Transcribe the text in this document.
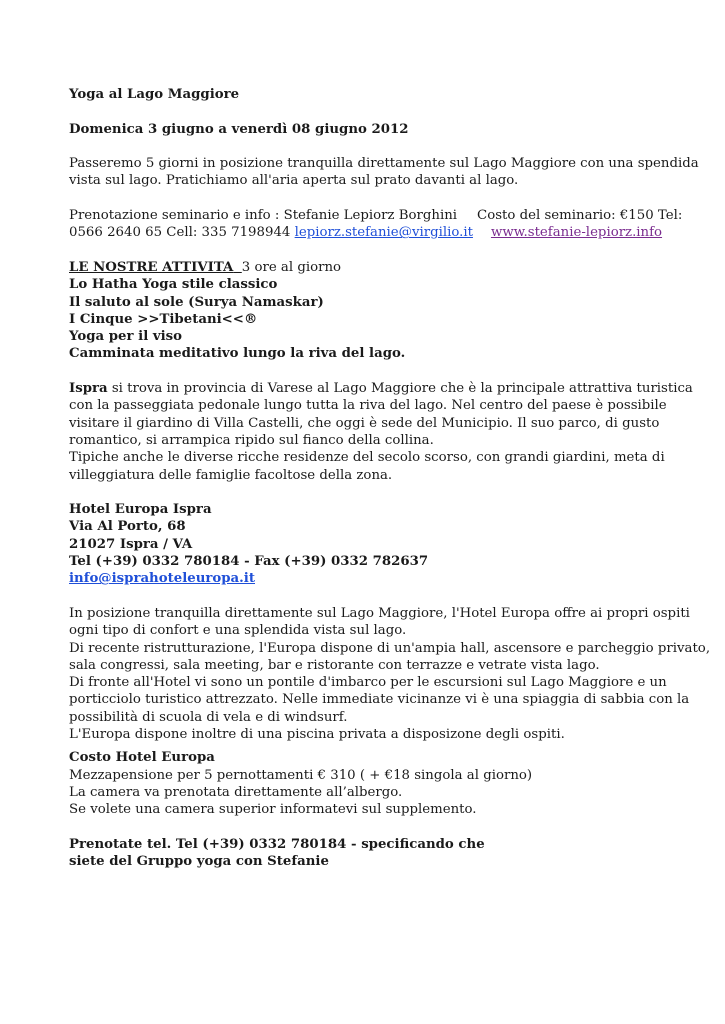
Yoga al Lago Maggiore
Domenica 3 giugno a venerdì 08 giugno 2012
Passeremo 5 giorni in posizione tranquilla direttamente sul Lago Maggiore con una spendida
vista sul lago. Pratichiamo all'aria aperta sul prato davanti al lago.
Prenotazione seminario e info : Stefanie Lepiorz Borghini Costo del seminario: €150 Tel:
0566 2640 65 Cell: 335 7198944 lepiorz.stefanie@virgilio.it www.stefanie-lepiorz.info
LE NOSTRE ATTIVITA 3 ore al giorno
Lo Hatha Yoga stile classico
Il saluto al sole (Surya Namaskar)
I Cinque >>Tibetani<<®
Yoga per il viso
Camminata meditativo lungo la riva del lago.
Ispra si trova in provincia di Varese al Lago Maggiore che è la principale attrattiva turistica
con la passeggiata pedonale lungo tutta la riva del lago. Nel centro del paese è possibile
visitare il giardino di Villa Castelli, che oggi è sede del Municipio. Il suo parco, di gusto
romantico, si arrampica ripido sul fianco della collina.
Tipiche anche le diverse ricche residenze del secolo scorso, con grandi giardini, meta di
villeggiatura delle famiglie facoltose della zona.
Hotel Europa Ispra
Via Al Porto, 68
21027 Ispra / VA
Tel (+39) 0332 780184 - Fax (+39) 0332 782637
info@isprahoteleuropa.it
In posizione tranquilla direttamente sul Lago Maggiore, l'Hotel Europa offre ai propri ospiti
ogni tipo di confort e una splendida vista sul lago.
Di recente ristrutturazione, l'Europa dispone di un'ampia hall, ascensore e parcheggio privato,
sala congressi, sala meeting, bar e ristorante con terrazze e vetrate vista lago.
Di fronte all'Hotel vi sono un pontile d'imbarco per le escursioni sul Lago Maggiore e un
porticciolo turistico attrezzato. Nelle immediate vicinanze vi è una spiaggia di sabbia con la
possibilità di scuola di vela e di windsurf.
L'Europa dispone inoltre di una piscina privata a disposizone degli ospiti.
Costo Hotel Europa
Mezzapensione per 5 pernottamenti € 310 ( + €18 singola al giorno)
La camera va prenotata direttamente all’albergo.
Se volete una camera superior informatevi sul supplemento.
Prenotate tel. Tel (+39) 0332 780184 - specificando che
siete del Gruppo yoga con Stefanie
